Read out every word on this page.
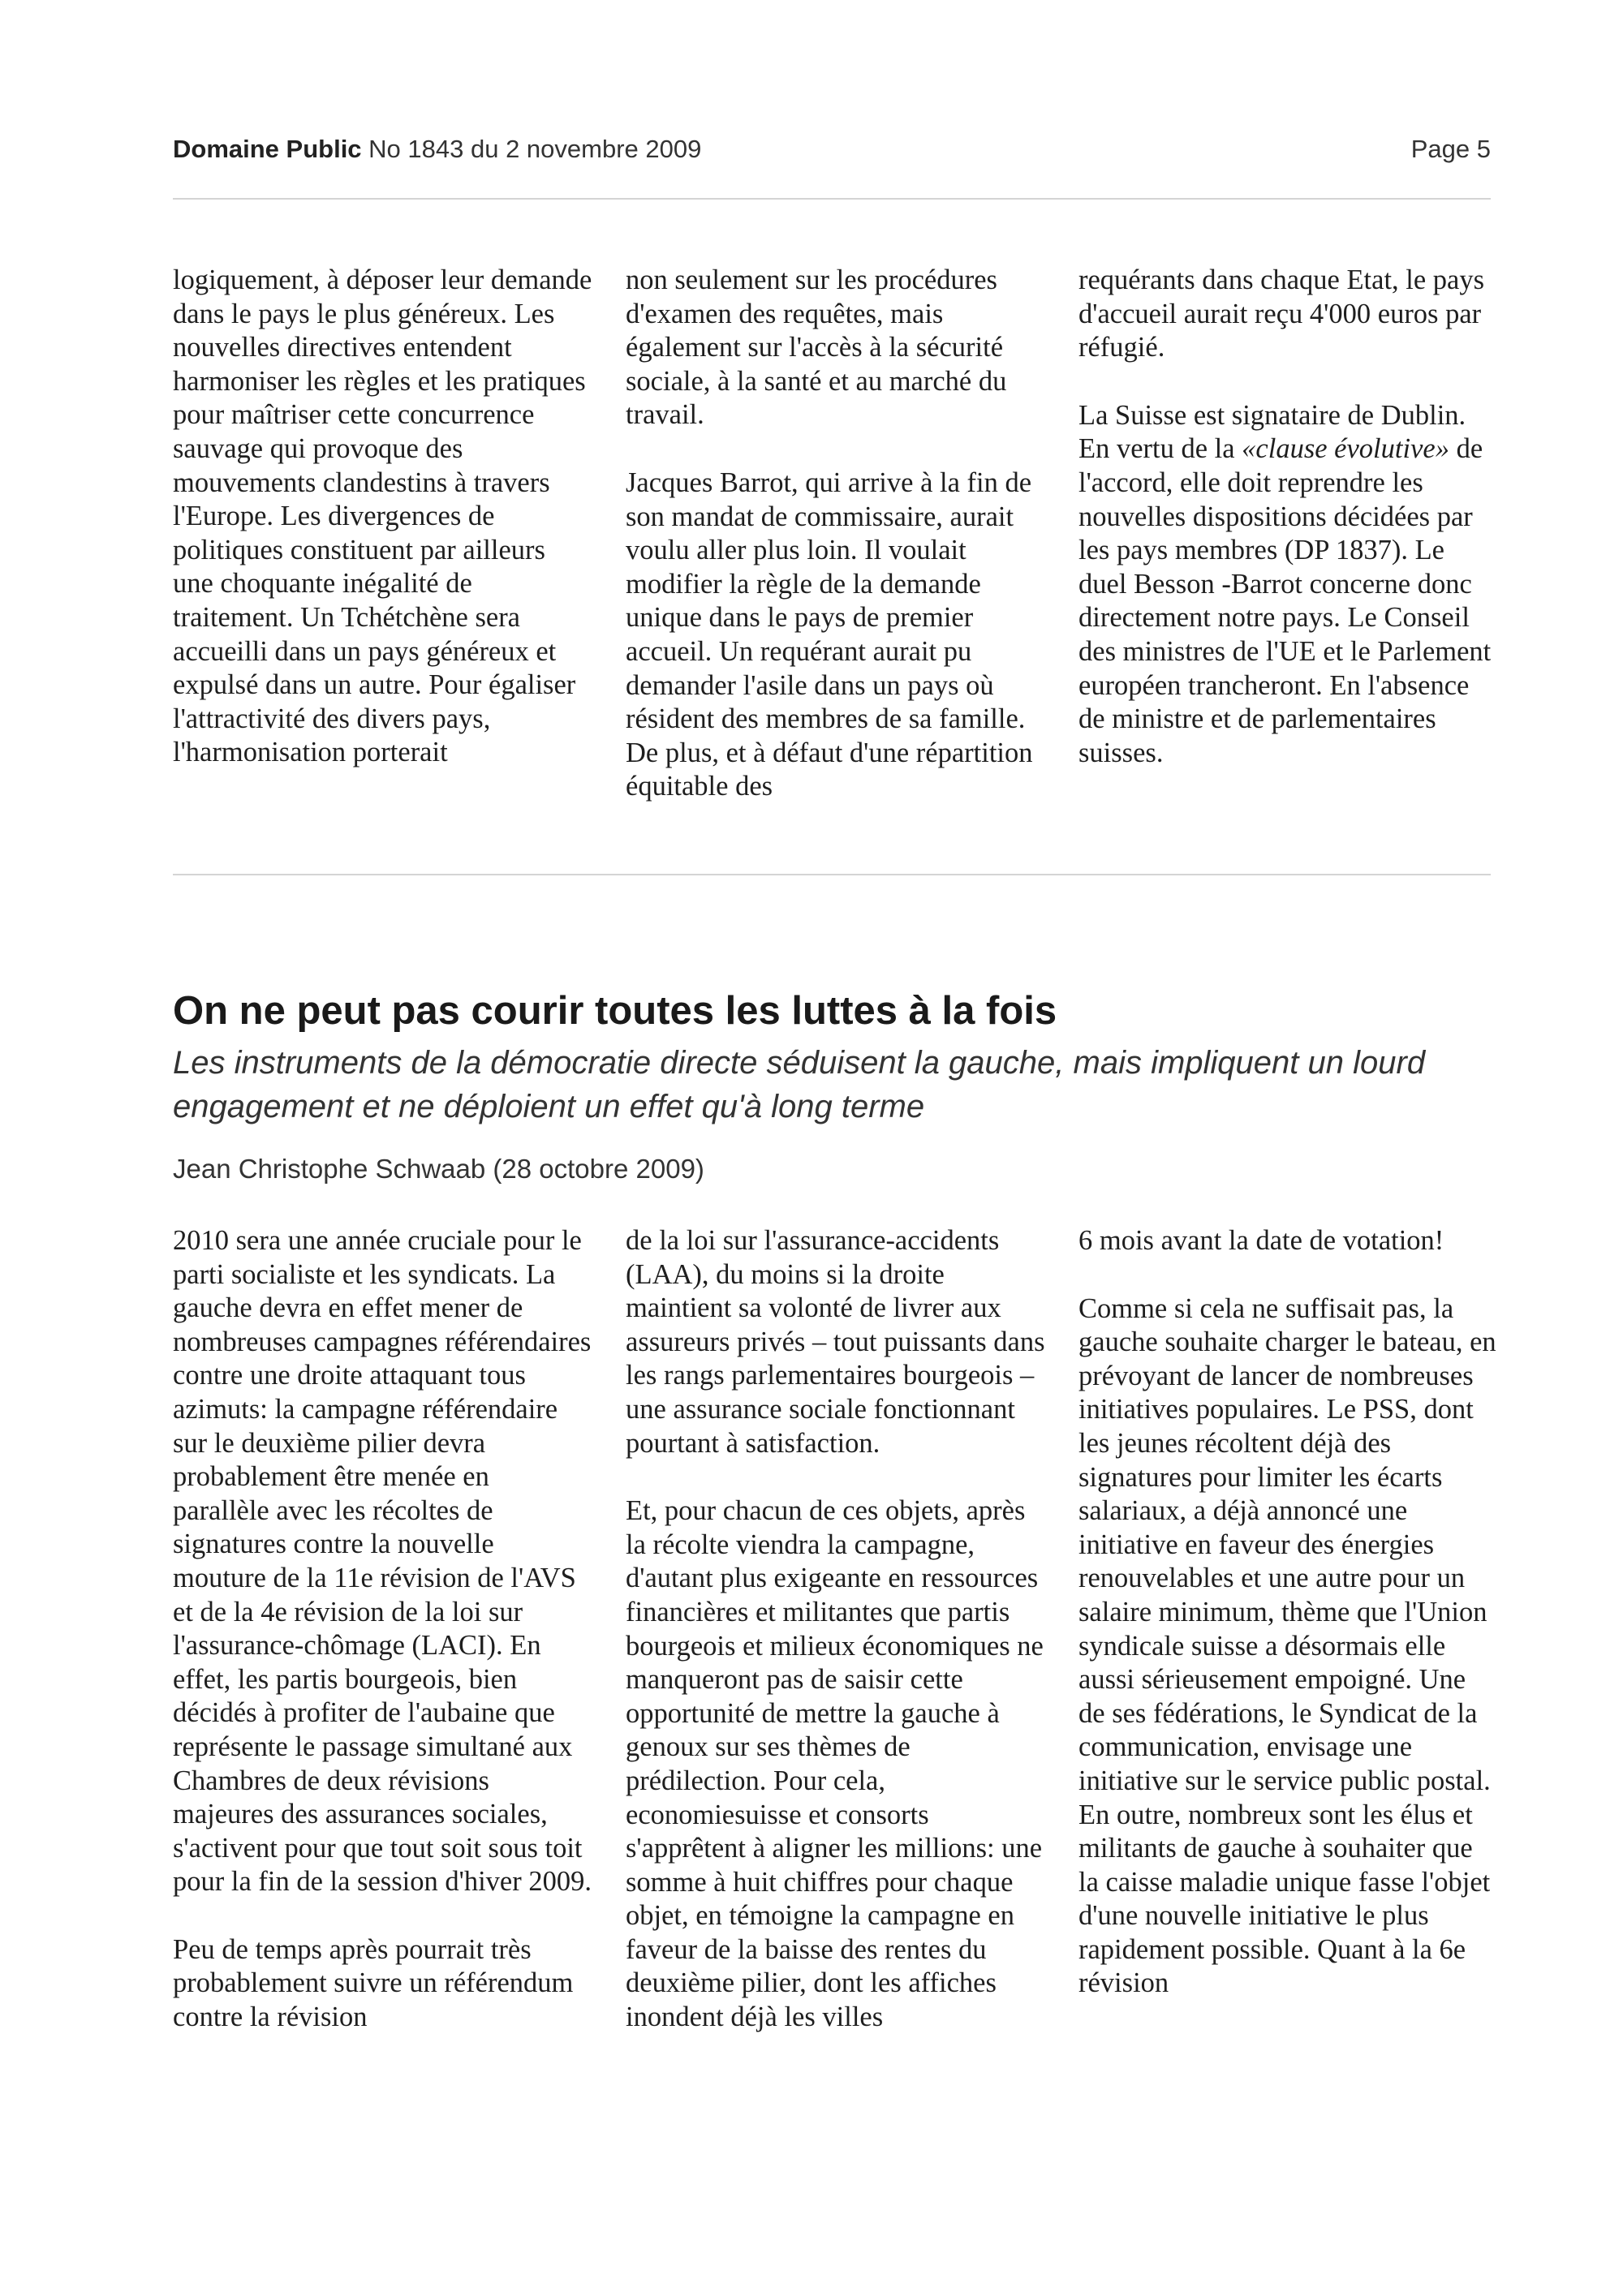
Domaine Public No 1843 du 2 novembre 2009	Page 5

logiquement, à déposer leur demande dans le pays le plus généreux. Les nouvelles directives entendent harmoniser les règles et les pratiques pour maîtriser cette concurrence sauvage qui provoque des mouvements clandestins à travers l'Europe. Les divergences de politiques constituent par ailleurs une choquante inégalité de traitement. Un Tchétchène sera accueilli dans un pays généreux et expulsé dans un autre. Pour égaliser l'attractivité des divers pays, l'harmonisation porterait

non seulement sur les procédures d'examen des requêtes, mais également sur l'accès à la sécurité sociale, à la santé et au marché du travail.

Jacques Barrot, qui arrive à la fin de son mandat de commissaire, aurait voulu aller plus loin. Il voulait modifier la règle de la demande unique dans le pays de premier accueil. Un requérant aurait pu demander l'asile dans un pays où résident des membres de sa famille. De plus, et à défaut d'une répartition équitable des

requérants dans chaque Etat, le pays d'accueil aurait reçu 4'000 euros par réfugié.

La Suisse est signataire de Dublin. En vertu de la «clause évolutive» de l'accord, elle doit reprendre les nouvelles dispositions décidées par les pays membres (DP 1837). Le duel Besson -Barrot concerne donc directement notre pays. Le Conseil des ministres de l'UE et le Parlement européen trancheront. En l'absence de ministre et de parlementaires suisses.

On ne peut pas courir toutes les luttes à la fois
Les instruments de la démocratie directe séduisent la gauche, mais impliquent un lourd engagement et ne déploient un effet qu'à long terme
Jean Christophe Schwaab (28 octobre 2009)

2010 sera une année cruciale pour le parti socialiste et les syndicats. La gauche devra en effet mener de nombreuses campagnes référendaires contre une droite attaquant tous azimuts: la campagne référendaire sur le deuxième pilier devra probablement être menée en parallèle avec les récoltes de signatures contre la nouvelle mouture de la 11e révision de l'AVS et de la 4e révision de la loi sur l'assurance-chômage (LACI). En effet, les partis bourgeois, bien décidés à profiter de l'aubaine que représente le passage simultané aux Chambres de deux révisions majeures des assurances sociales, s'activent pour que tout soit sous toit pour la fin de la session d'hiver 2009.

Peu de temps après pourrait très probablement suivre un référendum contre la révision

de la loi sur l'assurance-accidents (LAA), du moins si la droite maintient sa volonté de livrer aux assureurs privés – tout puissants dans les rangs parlementaires bourgeois – une assurance sociale fonctionnant pourtant à satisfaction.

Et, pour chacun de ces objets, après la récolte viendra la campagne, d'autant plus exigeante en ressources financières et militantes que partis bourgeois et milieux économiques ne manqueront pas de saisir cette opportunité de mettre la gauche à genoux sur ses thèmes de prédilection. Pour cela, economiesuisse et consorts s'apprêtent à aligner les millions: une somme à huit chiffres pour chaque objet, en témoigne la campagne en faveur de la baisse des rentes du deuxième pilier, dont les affiches inondent déjà les villes

6 mois avant la date de votation!

Comme si cela ne suffisait pas, la gauche souhaite charger le bateau, en prévoyant de lancer de nombreuses initiatives populaires. Le PSS, dont les jeunes récoltent déjà des signatures pour limiter les écarts salariaux, a déjà annoncé une initiative en faveur des énergies renouvelables et une autre pour un salaire minimum, thème que l'Union syndicale suisse a désormais elle aussi sérieusement empoigné. Une de ses fédérations, le Syndicat de la communication, envisage une initiative sur le service public postal. En outre, nombreux sont les élus et militants de gauche à souhaiter que la caisse maladie unique fasse l'objet d'une nouvelle initiative le plus rapidement possible. Quant à la 6e révision
